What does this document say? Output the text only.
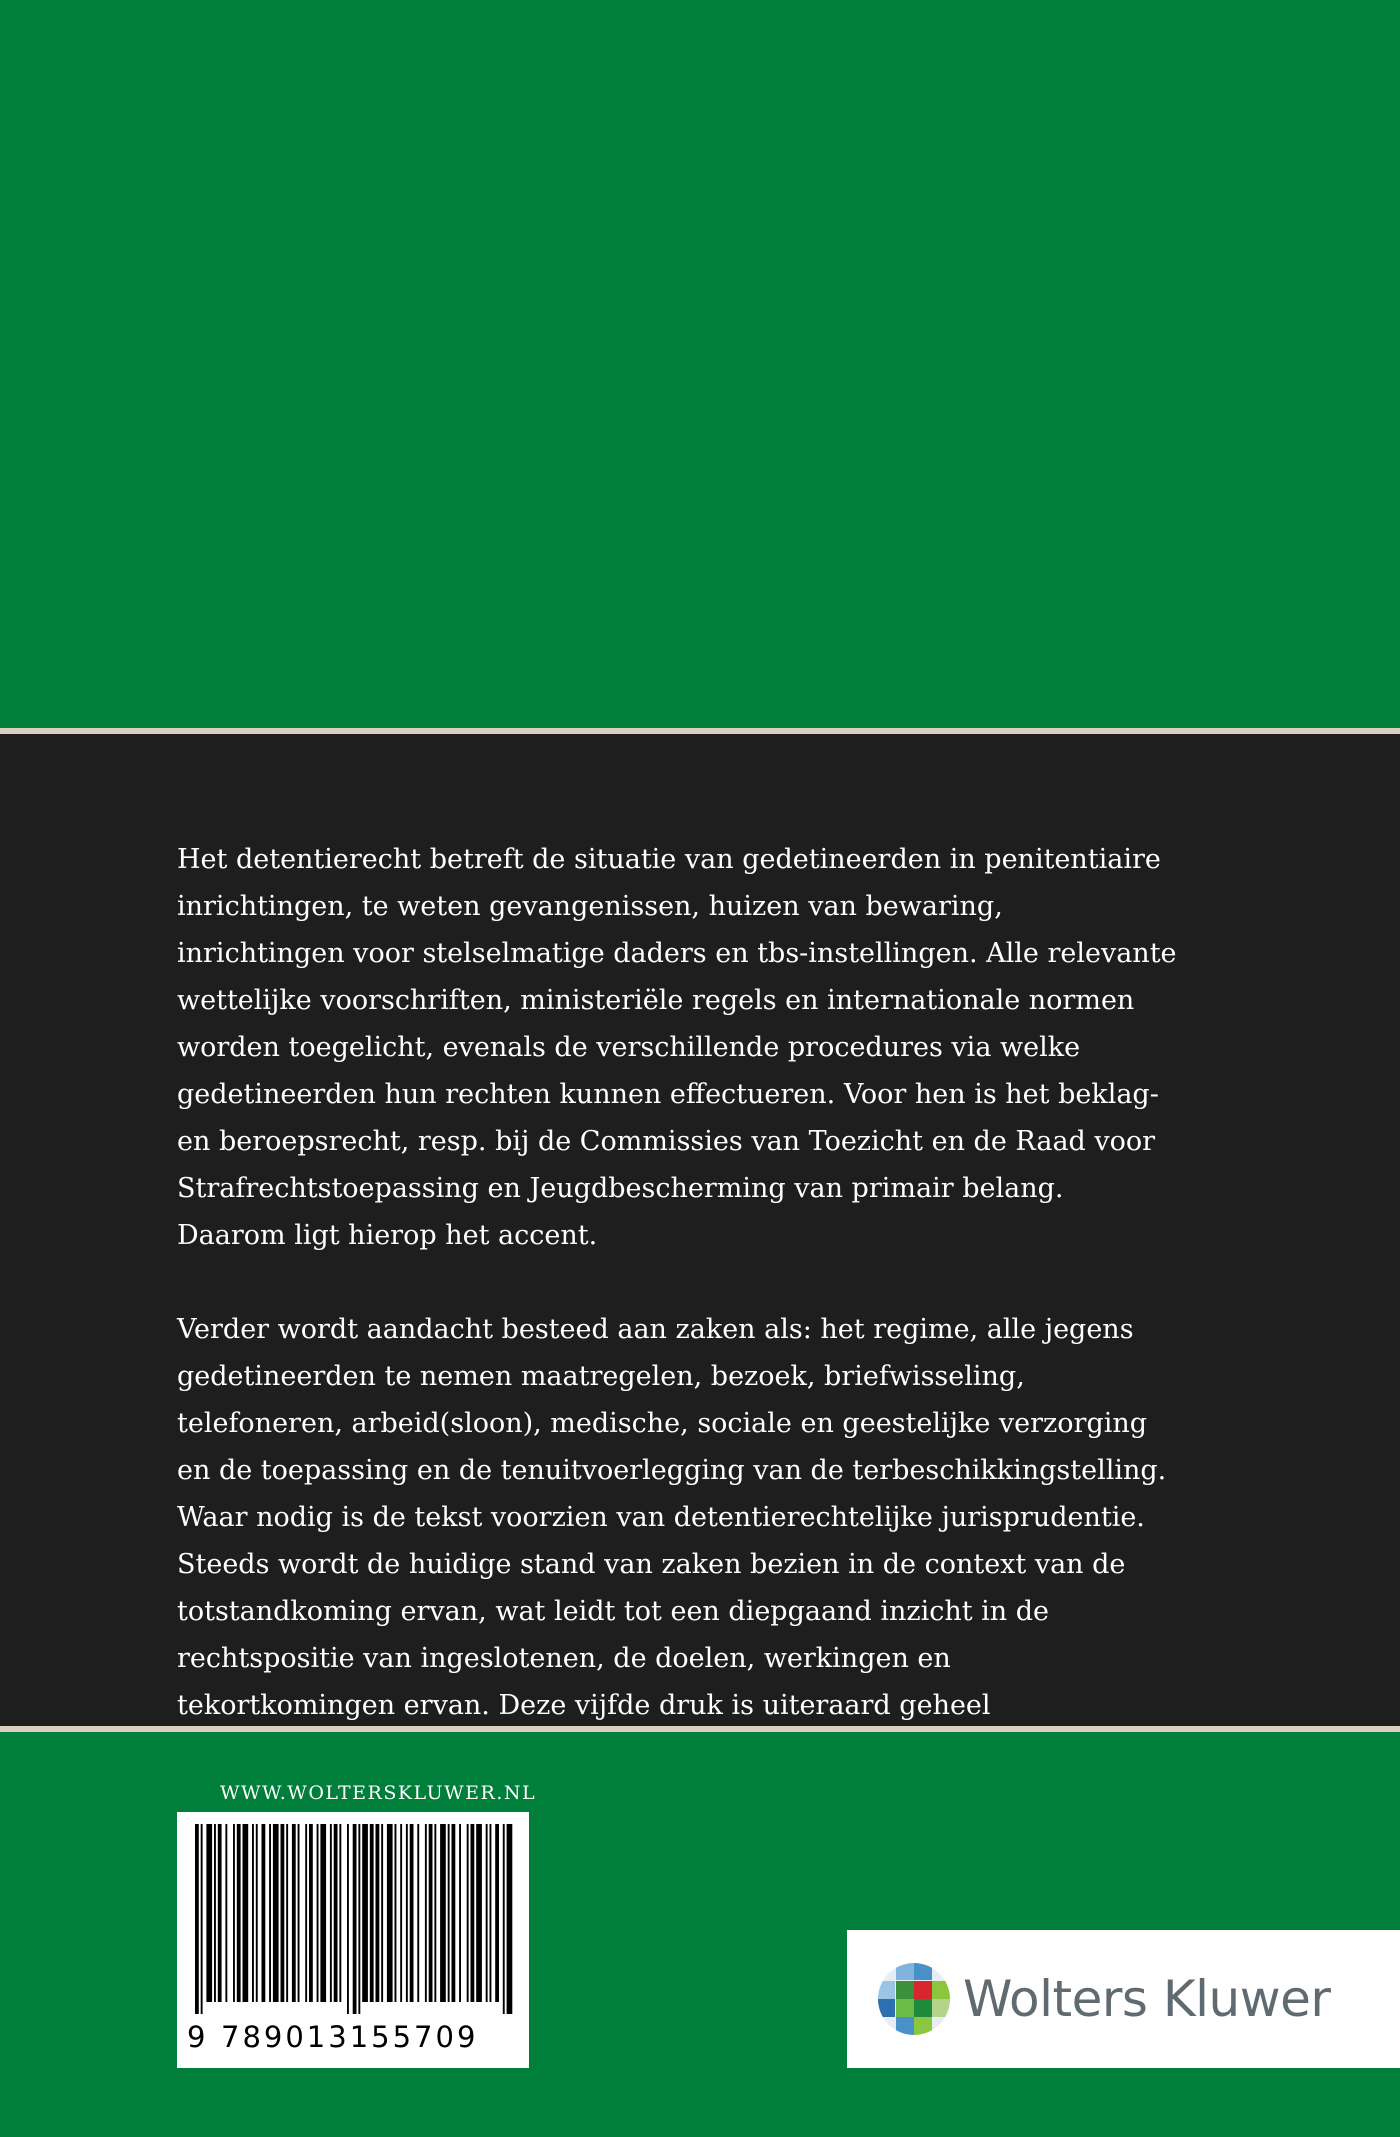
Het detentierecht betreft de situatie van gedetineerden in penitentiaire inrichtingen, te weten gevangenissen, huizen van bewaring, inrichtingen voor stelselmatige daders en tbs-instellingen. Alle relevante wettelijke voorschriften, ministeriële regels en internationale normen worden toegelicht, evenals de verschillende procedures via welke gedetineerden hun rechten kunnen effectueren. Voor hen is het beklag- en beroepsrecht, resp. bij de Commissies van Toezicht en de Raad voor Strafrechtstoepassing en Jeugdbescherming van primair belang. Daarom ligt hierop het accent.

Verder wordt aandacht besteed aan zaken als: het regime, alle jegens gedetineerden te nemen maatregelen, bezoek, briefwisseling, telefoneren, arbeid(sloon), medische, sociale en geestelijke verzorging en de toepassing en de tenuitvoerlegging van de terbeschikkingstelling. Waar nodig is de tekst voorzien van detentierechtelijke jurisprudentie. Steeds wordt de huidige stand van zaken bezien in de context van de totstandkoming ervan, wat leidt tot een diepgaand inzicht in de rechtspositie van ingeslotenen, de doelen, werkingen en tekortkomingen ervan. Deze vijfde druk is uiteraard geheel

WWW.WOLTERSKLUWER.NL
9 789013155709
Wolters Kluwer
